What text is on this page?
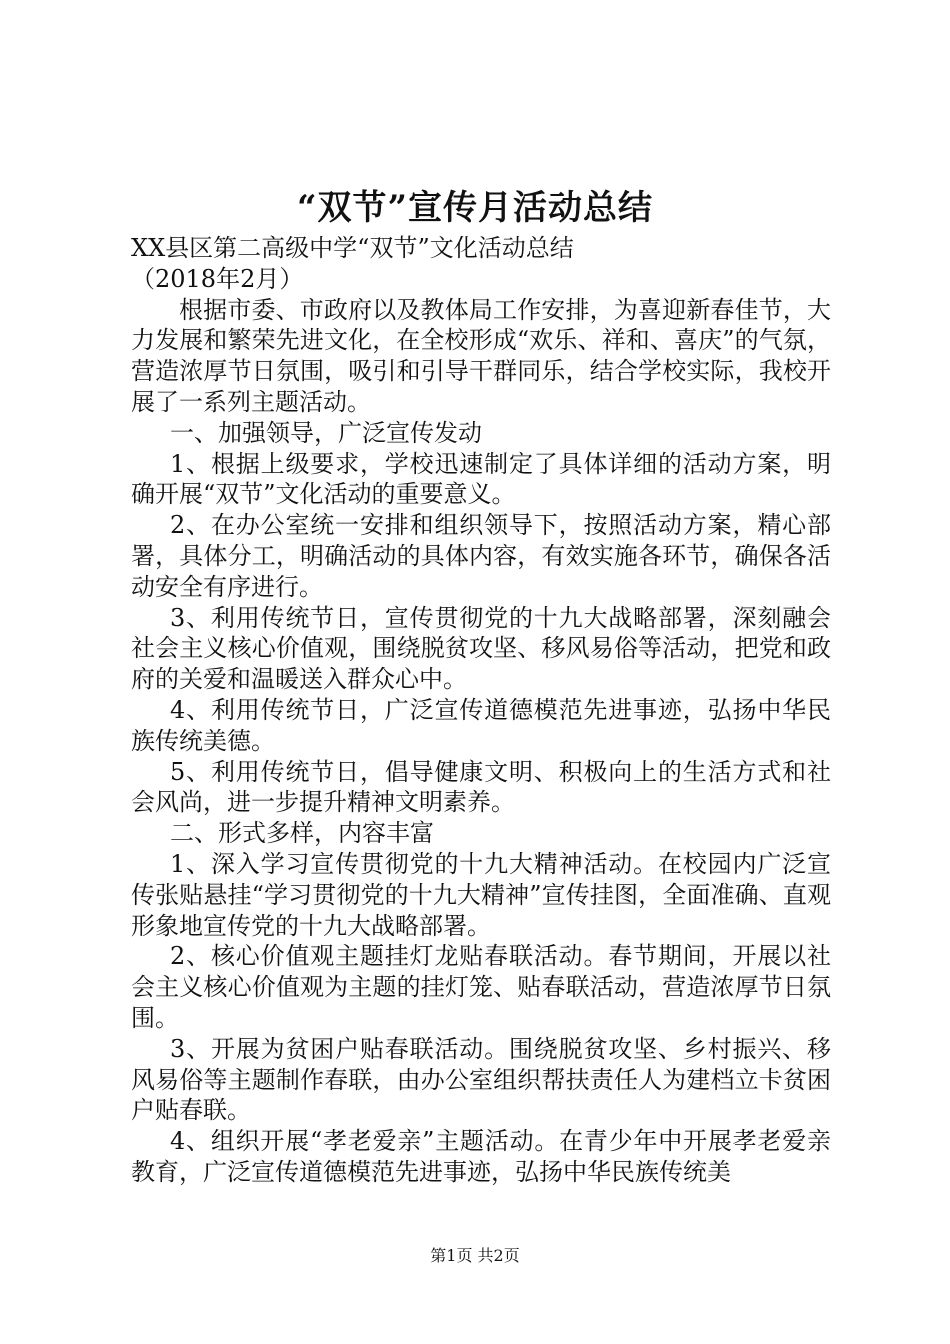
“双节”宣传月活动总结

XX县区第二高级中学“双节”文化活动总结

（2018年2月）

根据市委、市政府以及教体局工作安排，为喜迎新春佳节，大力发展和繁荣先进文化，在全校形成“欢乐、祥和、喜庆”的气氛，营造浓厚节日氛围，吸引和引导干群同乐，结合学校实际，我校开展了一系列主题活动。

一、加强领导，广泛宣传发动

1、根据上级要求，学校迅速制定了具体详细的活动方案，明确开展“双节”文化活动的重要意义。

2、在办公室统一安排和组织领导下，按照活动方案，精心部署，具体分工，明确活动的具体内容，有效实施各环节，确保各活动安全有序进行。

3、利用传统节日，宣传贯彻党的十九大战略部署，深刻融会社会主义核心价值观，围绕脱贫攻坚、移风易俗等活动，把党和政府的关爱和温暖送入群众心中。

4、利用传统节日，广泛宣传道德模范先进事迹，弘扬中华民族传统美德。

5、利用传统节日，倡导健康文明、积极向上的生活方式和社会风尚，进一步提升精神文明素养。

二、形式多样，内容丰富

1、深入学习宣传贯彻党的十九大精神活动。在校园内广泛宣传张贴悬挂“学习贯彻党的十九大精神”宣传挂图，全面准确、直观形象地宣传党的十九大战略部署。

2、核心价值观主题挂灯龙贴春联活动。春节期间，开展以社会主义核心价值观为主题的挂灯笼、贴春联活动，营造浓厚节日氛围。

3、开展为贫困户贴春联活动。围绕脱贫攻坚、乡村振兴、移风易俗等主题制作春联，由办公室组织帮扶责任人为建档立卡贫困户贴春联。

4、组织开展“孝老爱亲”主题活动。在青少年中开展孝老爱亲教育，广泛宣传道德模范先进事迹，弘扬中华民族传统美

第1页 共2页
